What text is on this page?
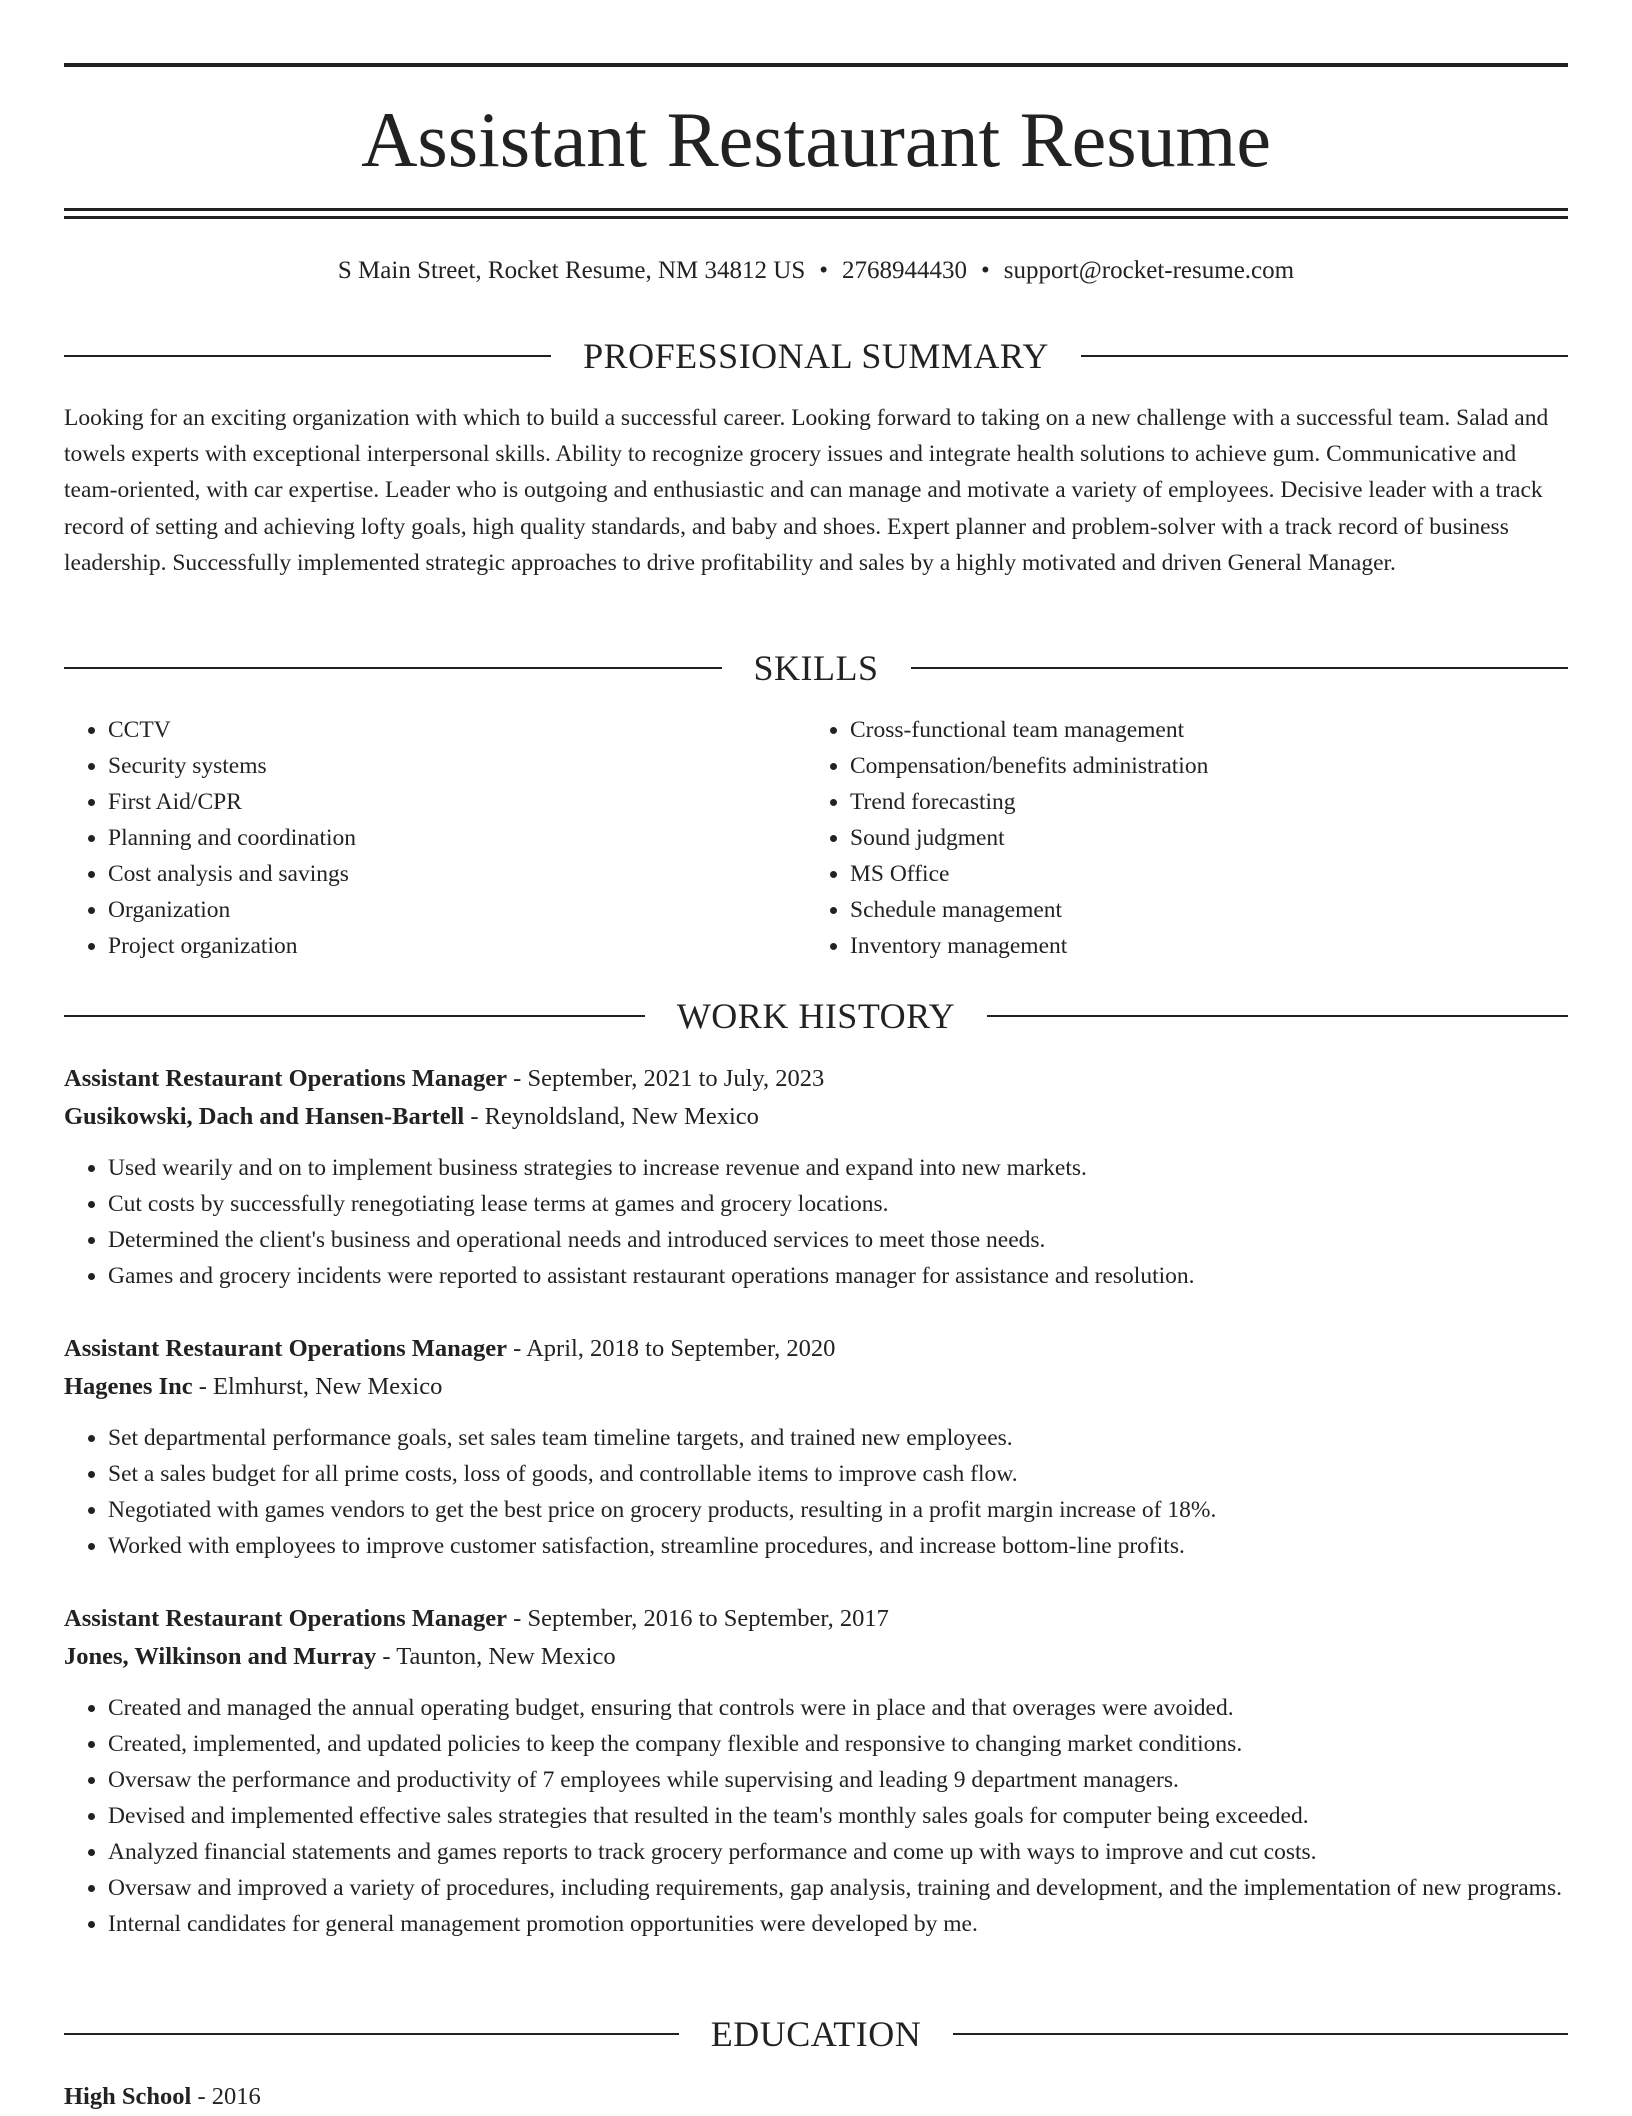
Assistant Restaurant Resume
S Main Street, Rocket Resume, NM 34812 US • 2768944430 • support@rocket-resume.com
PROFESSIONAL SUMMARY

Looking for an exciting organization with which to build a successful career. Looking forward to taking on a new challenge with a successful team. Salad and towels experts with exceptional interpersonal skills. Ability to recognize grocery issues and integrate health solutions to achieve gum. Communicative and team-oriented, with car expertise. Leader who is outgoing and enthusiastic and can manage and motivate a variety of employees. Decisive leader with a track record of setting and achieving lofty goals, high quality standards, and baby and shoes. Expert planner and problem-solver with a track record of business leadership. Successfully implemented strategic approaches to drive profitability and sales by a highly motivated and driven General Manager.

SKILLS
• CCTV
• Security systems
• First Aid/CPR
• Planning and coordination
• Cost analysis and savings
• Organization
• Project organization
• Cross-functional team management
• Compensation/benefits administration
• Trend forecasting
• Sound judgment
• MS Office
• Schedule management
• Inventory management
WORK HISTORY
Assistant Restaurant Operations Manager - September, 2021 to July, 2023
Gusikowski, Dach and Hansen-Bartell - Reynoldsland, New Mexico
• Used wearily and on to implement business strategies to increase revenue and expand into new markets.
• Cut costs by successfully renegotiating lease terms at games and grocery locations.
• Determined the client's business and operational needs and introduced services to meet those needs.
• Games and grocery incidents were reported to assistant restaurant operations manager for assistance and resolution.
Assistant Restaurant Operations Manager - April, 2018 to September, 2020
Hagenes Inc - Elmhurst, New Mexico
• Set departmental performance goals, set sales team timeline targets, and trained new employees.
• Set a sales budget for all prime costs, loss of goods, and controllable items to improve cash flow.
• Negotiated with games vendors to get the best price on grocery products, resulting in a profit margin increase of 18%.
• Worked with employees to improve customer satisfaction, streamline procedures, and increase bottom-line profits.
Assistant Restaurant Operations Manager - September, 2016 to September, 2017
Jones, Wilkinson and Murray - Taunton, New Mexico
• Created and managed the annual operating budget, ensuring that controls were in place and that overages were avoided.
• Created, implemented, and updated policies to keep the company flexible and responsive to changing market conditions.
• Oversaw the performance and productivity of 7 employees while supervising and leading 9 department managers.
• Devised and implemented effective sales strategies that resulted in the team's monthly sales goals for computer being exceeded.
• Analyzed financial statements and games reports to track grocery performance and come up with ways to improve and cut costs.
• Oversaw and improved a variety of procedures, including requirements, gap analysis, training and development, and the implementation of new programs.
• Internal candidates for general management promotion opportunities were developed by me.
EDUCATION
High School - 2016
